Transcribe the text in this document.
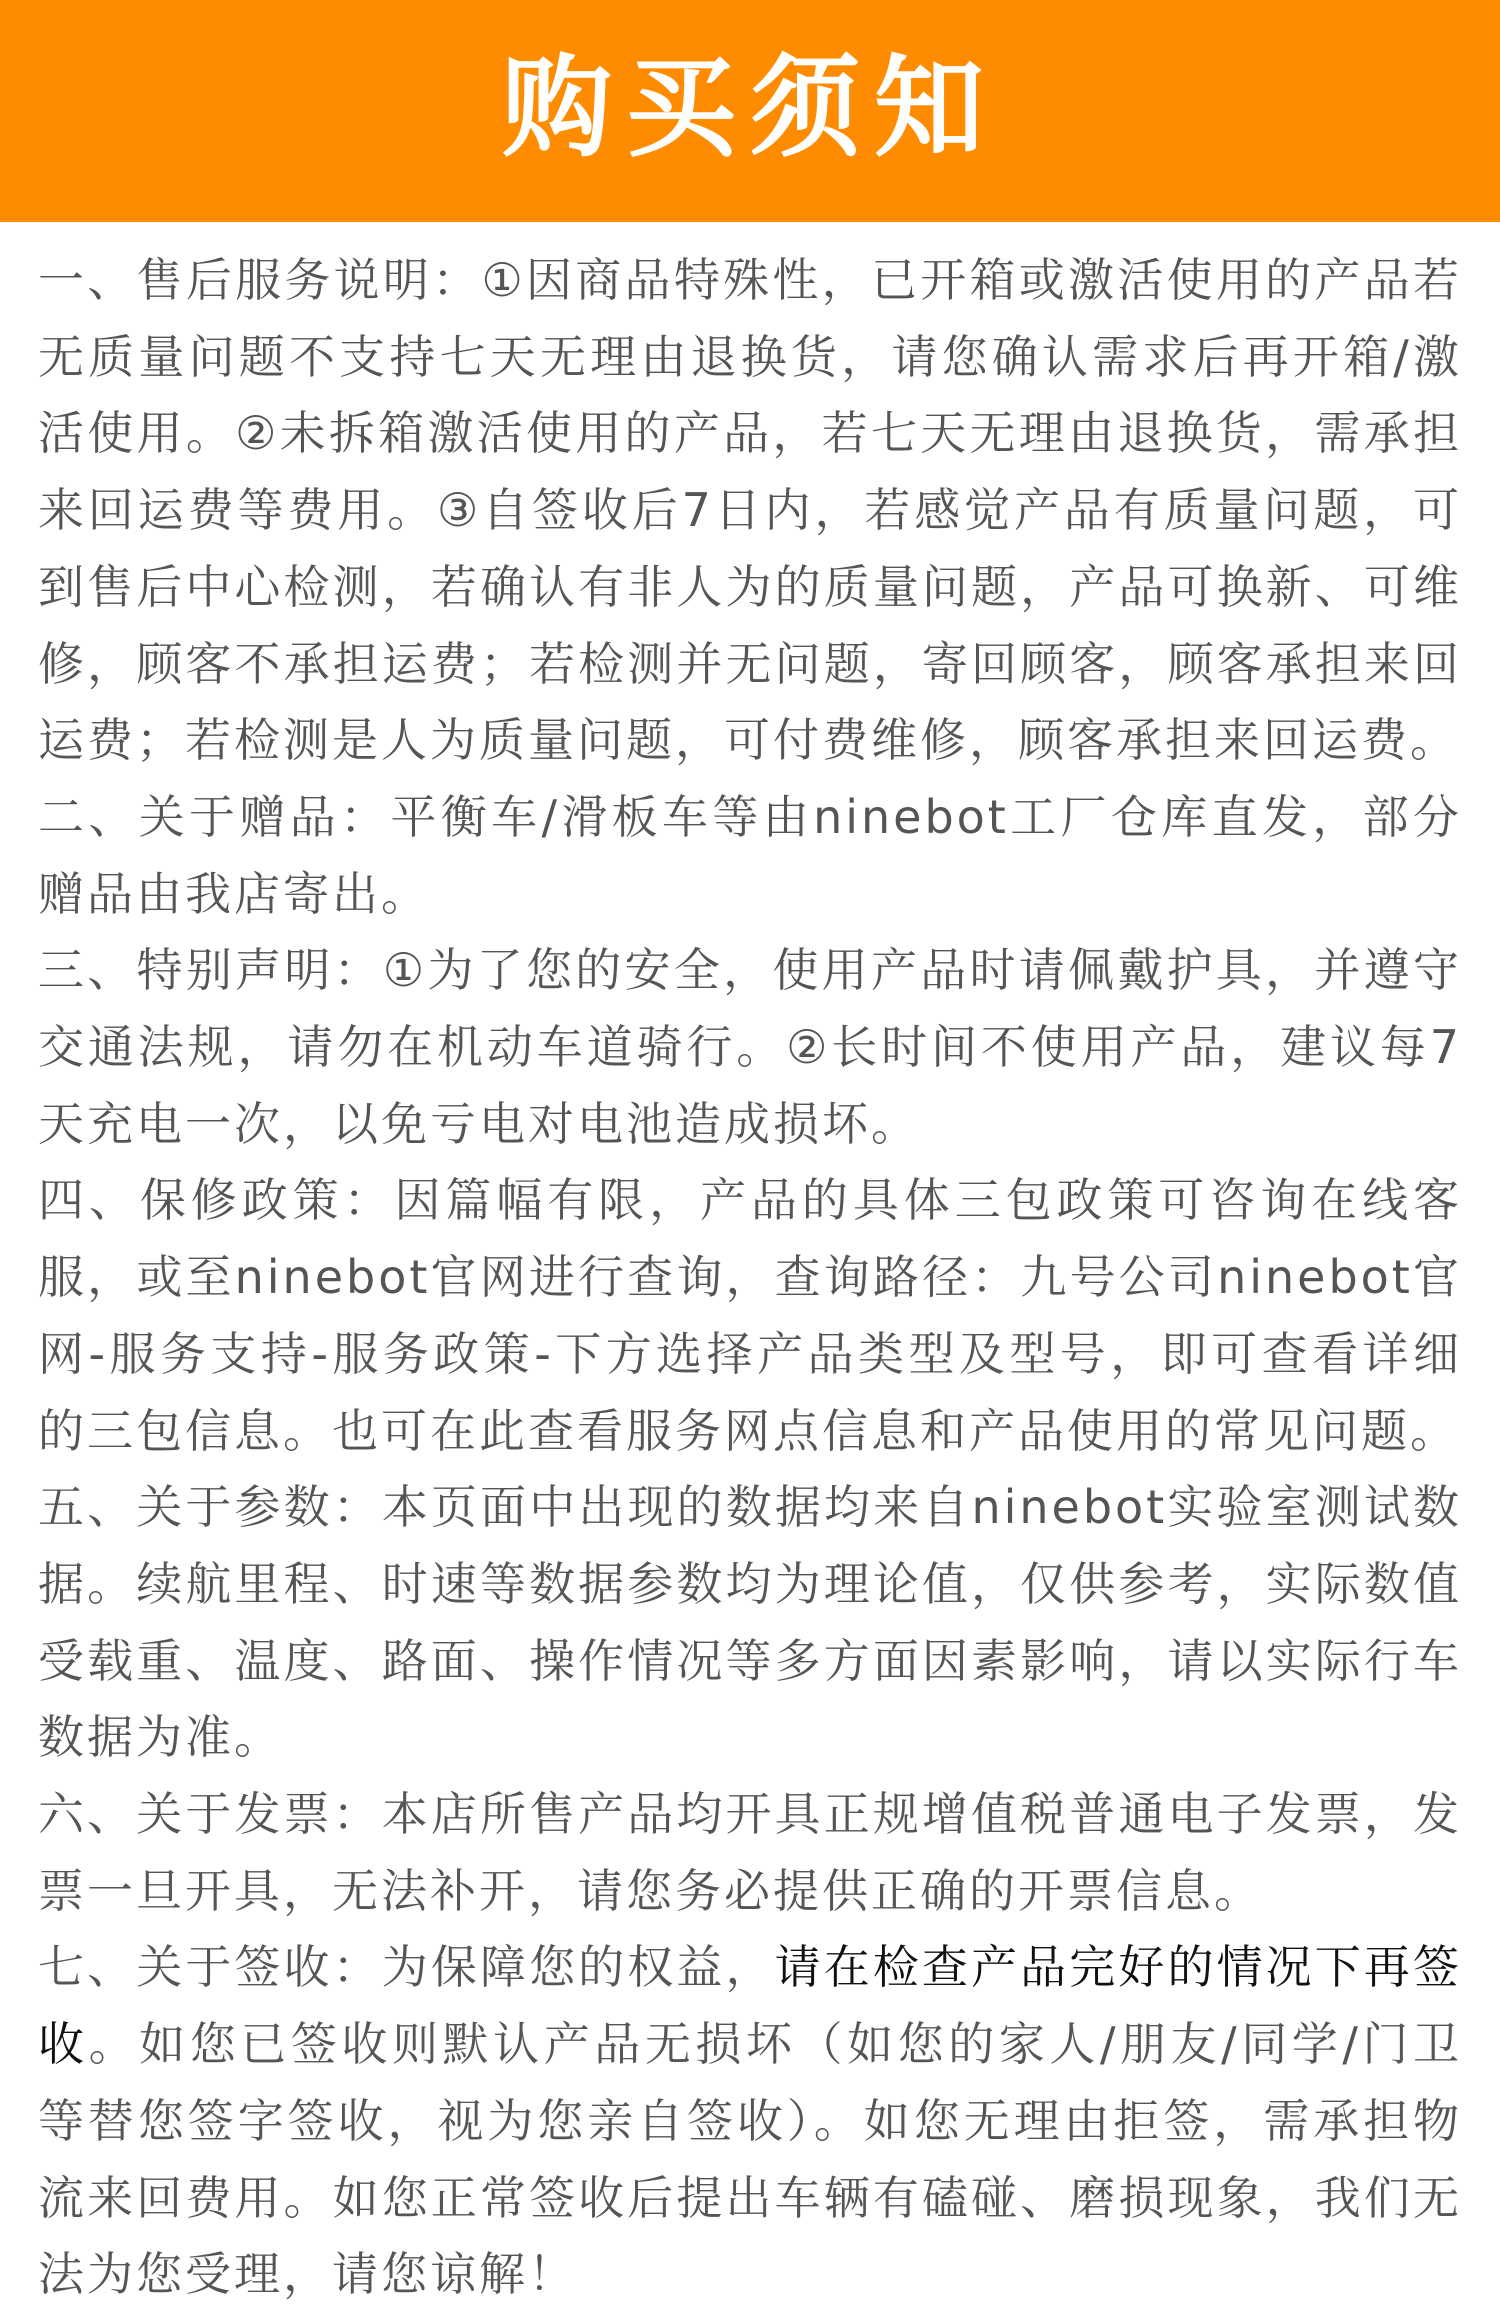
购买须知

一、售后服务说明：①因商品特殊性，已开箱或激活使用的产品若无质量问题不支持七天无理由退换货，请您确认需求后再开箱/激活使用。②未拆箱激活使用的产品，若七天无理由退换货，需承担来回运费等费用。③自签收后7日内，若感觉产品有质量问题，可到售后中心检测，若确认有非人为的质量问题，产品可换新、可维修，顾客不承担运费；若检测并无问题，寄回顾客，顾客承担来回运费；若检测是人为质量问题，可付费维修，顾客承担来回运费。

二、关于赠品：平衡车/滑板车等由ninebot工厂仓库直发，部分赠品由我店寄出。

三、特别声明：①为了您的安全，使用产品时请佩戴护具，并遵守交通法规，请勿在机动车道骑行。②长时间不使用产品，建议每7天充电一次，以免亏电对电池造成损坏。

四、保修政策：因篇幅有限，产品的具体三包政策可咨询在线客服，或至ninebot官网进行查询，查询路径：九号公司ninebot官网-服务支持-服务政策-下方选择产品类型及型号，即可查看详细的三包信息。也可在此查看服务网点信息和产品使用的常见问题。

五、关于参数：本页面中出现的数据均来自ninebot实验室测试数据。续航里程、时速等数据参数均为理论值，仅供参考，实际数值受载重、温度、路面、操作情况等多方面因素影响，请以实际行车数据为准。

六、关于发票：本店所售产品均开具正规增值税普通电子发票，发票一旦开具，无法补开，请您务必提供正确的开票信息。

七、关于签收：为保障您的权益，请在检查产品完好的情况下再签收。如您已签收则默认产品无损坏（如您的家人/朋友/同学/门卫等替您签字签收，视为您亲自签收）。如您无理由拒签，需承担物流来回费用。如您正常签收后提出车辆有磕碰、磨损现象，我们无法为您受理，请您谅解！
